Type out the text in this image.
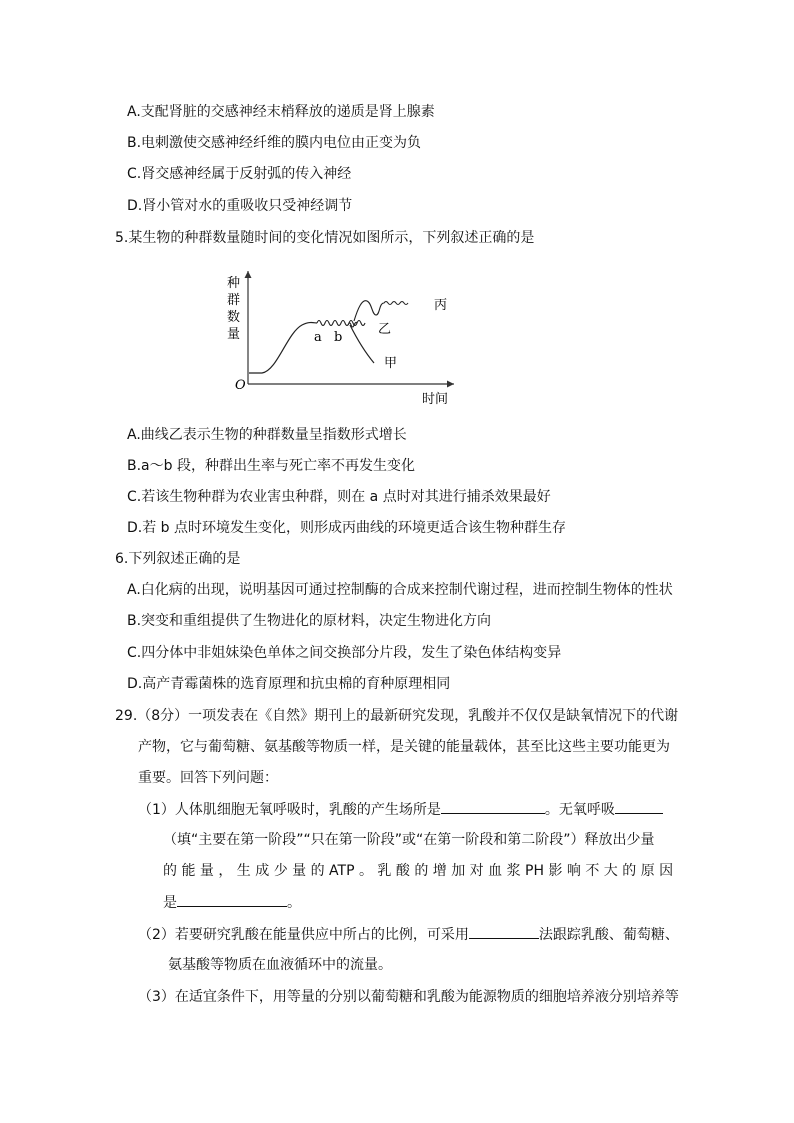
A.支配肾脏的交感神经末梢释放的递质是肾上腺素
B.电刺激使交感神经纤维的膜内电位由正变为负
C.肾交感神经属于反射弧的传入神经
D.肾小管对水的重吸收只受神经调节
5.某生物的种群数量随时间的变化情况如图所示，下列叙述正确的是
种
群
数
量
O
时间
a b
乙
甲
丙
A.曲线乙表示生物的种群数量呈指数形式增长
B.a～b 段，种群出生率与死亡率不再发生变化
C.若该生物种群为农业害虫种群，则在 a 点时对其进行捕杀效果最好
D.若 b 点时环境发生变化，则形成丙曲线的环境更适合该生物种群生存
6.下列叙述正确的是
A.白化病的出现，说明基因可通过控制酶的合成来控制代谢过程，进而控制生物体的性状
B.突变和重组提供了生物进化的原材料，决定生物进化方向
C.四分体中非姐妹染色单体之间交换部分片段，发生了染色体结构变异
D.高产青霉菌株的选育原理和抗虫棉的育种原理相同
29.（8分）一项发表在《自然》期刊上的最新研究发现，乳酸并不仅仅是缺氧情况下的代谢
产物，它与葡萄糖、氨基酸等物质一样，是关键的能量载体，甚至比这些主要功能更为
重要。回答下列问题：
（1）人体肌细胞无氧呼吸时，乳酸的产生场所是	。无氧呼吸
（填“主要在第一阶段”“只在第一阶段”或“在第一阶段和第二阶段”）释放出少量
的 能 量 ， 生 成 少 量 的 ATP 。 乳 酸 的 增 加 对 血 浆 PH 影 响 不 大 的 原 因
是	。
（2）若要研究乳酸在能量供应中所占的比例，可采用	法跟踪乳酸、葡萄糖、
氨基酸等物质在血液循环中的流量。
（3）在适宜条件下，用等量的分别以葡萄糖和乳酸为能源物质的细胞培养液分别培养等
